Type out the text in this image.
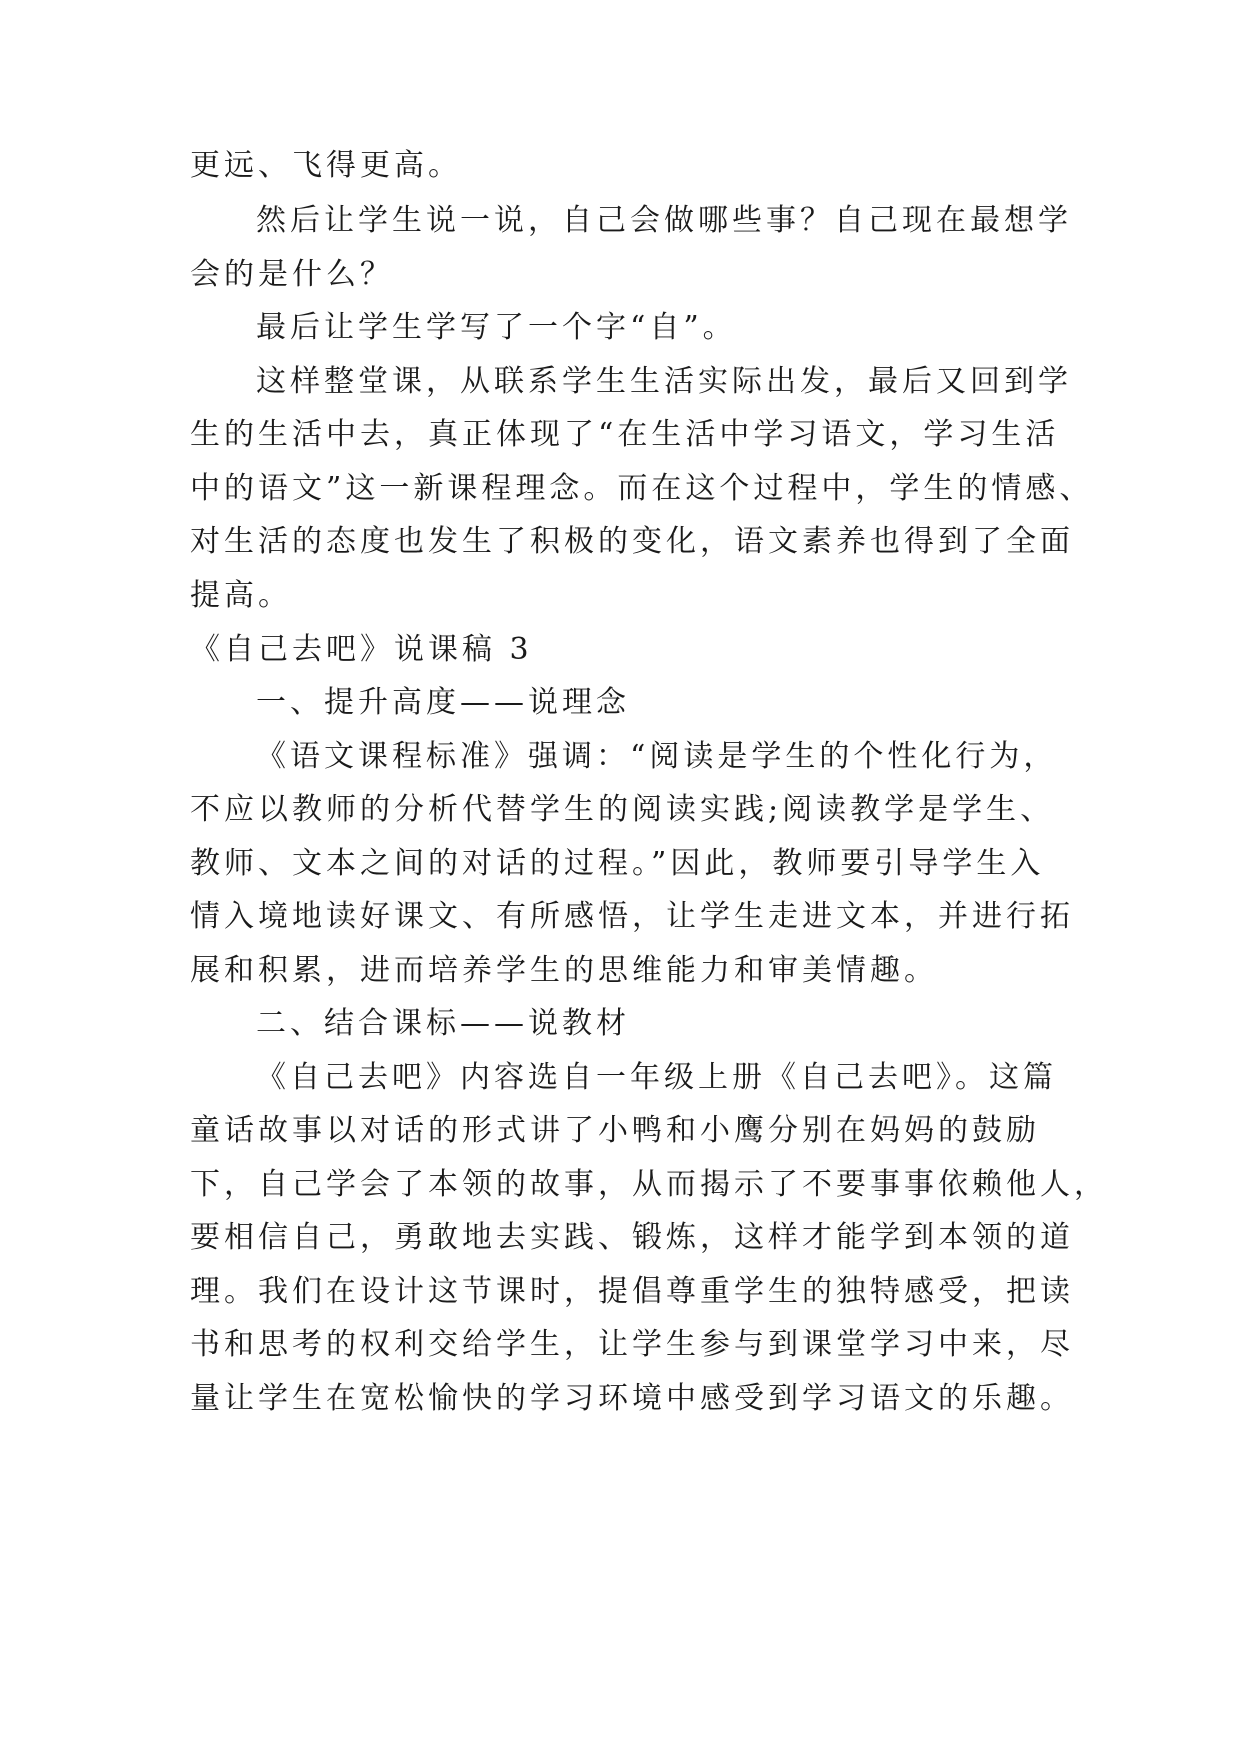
更远、飞得更高。
然后让学生说一说，自己会做哪些事？自己现在最想学
会的是什么？
最后让学生学写了一个字“自”。
这样整堂课，从联系学生生活实际出发，最后又回到学
生的生活中去，真正体现了“在生活中学习语文，学习生活
中的语文”这一新课程理念。而在这个过程中，学生的情感、
对生活的态度也发生了积极的变化，语文素养也得到了全面
提高。
《自己去吧》说课稿 3
一、提升高度——说理念
《语文课程标准》强调：“阅读是学生的个性化行为，
不应以教师的分析代替学生的阅读实践;阅读教学是学生、
教师、文本之间的对话的过程。”因此，教师要引导学生入
情入境地读好课文、有所感悟，让学生走进文本，并进行拓
展和积累，进而培养学生的思维能力和审美情趣。
二、结合课标——说教材
《自己去吧》内容选自一年级上册《自己去吧》。这篇
童话故事以对话的形式讲了小鸭和小鹰分别在妈妈的鼓励
下，自己学会了本领的故事，从而揭示了不要事事依赖他人，
要相信自己，勇敢地去实践、锻炼，这样才能学到本领的道
理。我们在设计这节课时，提倡尊重学生的独特感受，把读
书和思考的权利交给学生，让学生参与到课堂学习中来，尽
量让学生在宽松愉快的学习环境中感受到学习语文的乐趣。
